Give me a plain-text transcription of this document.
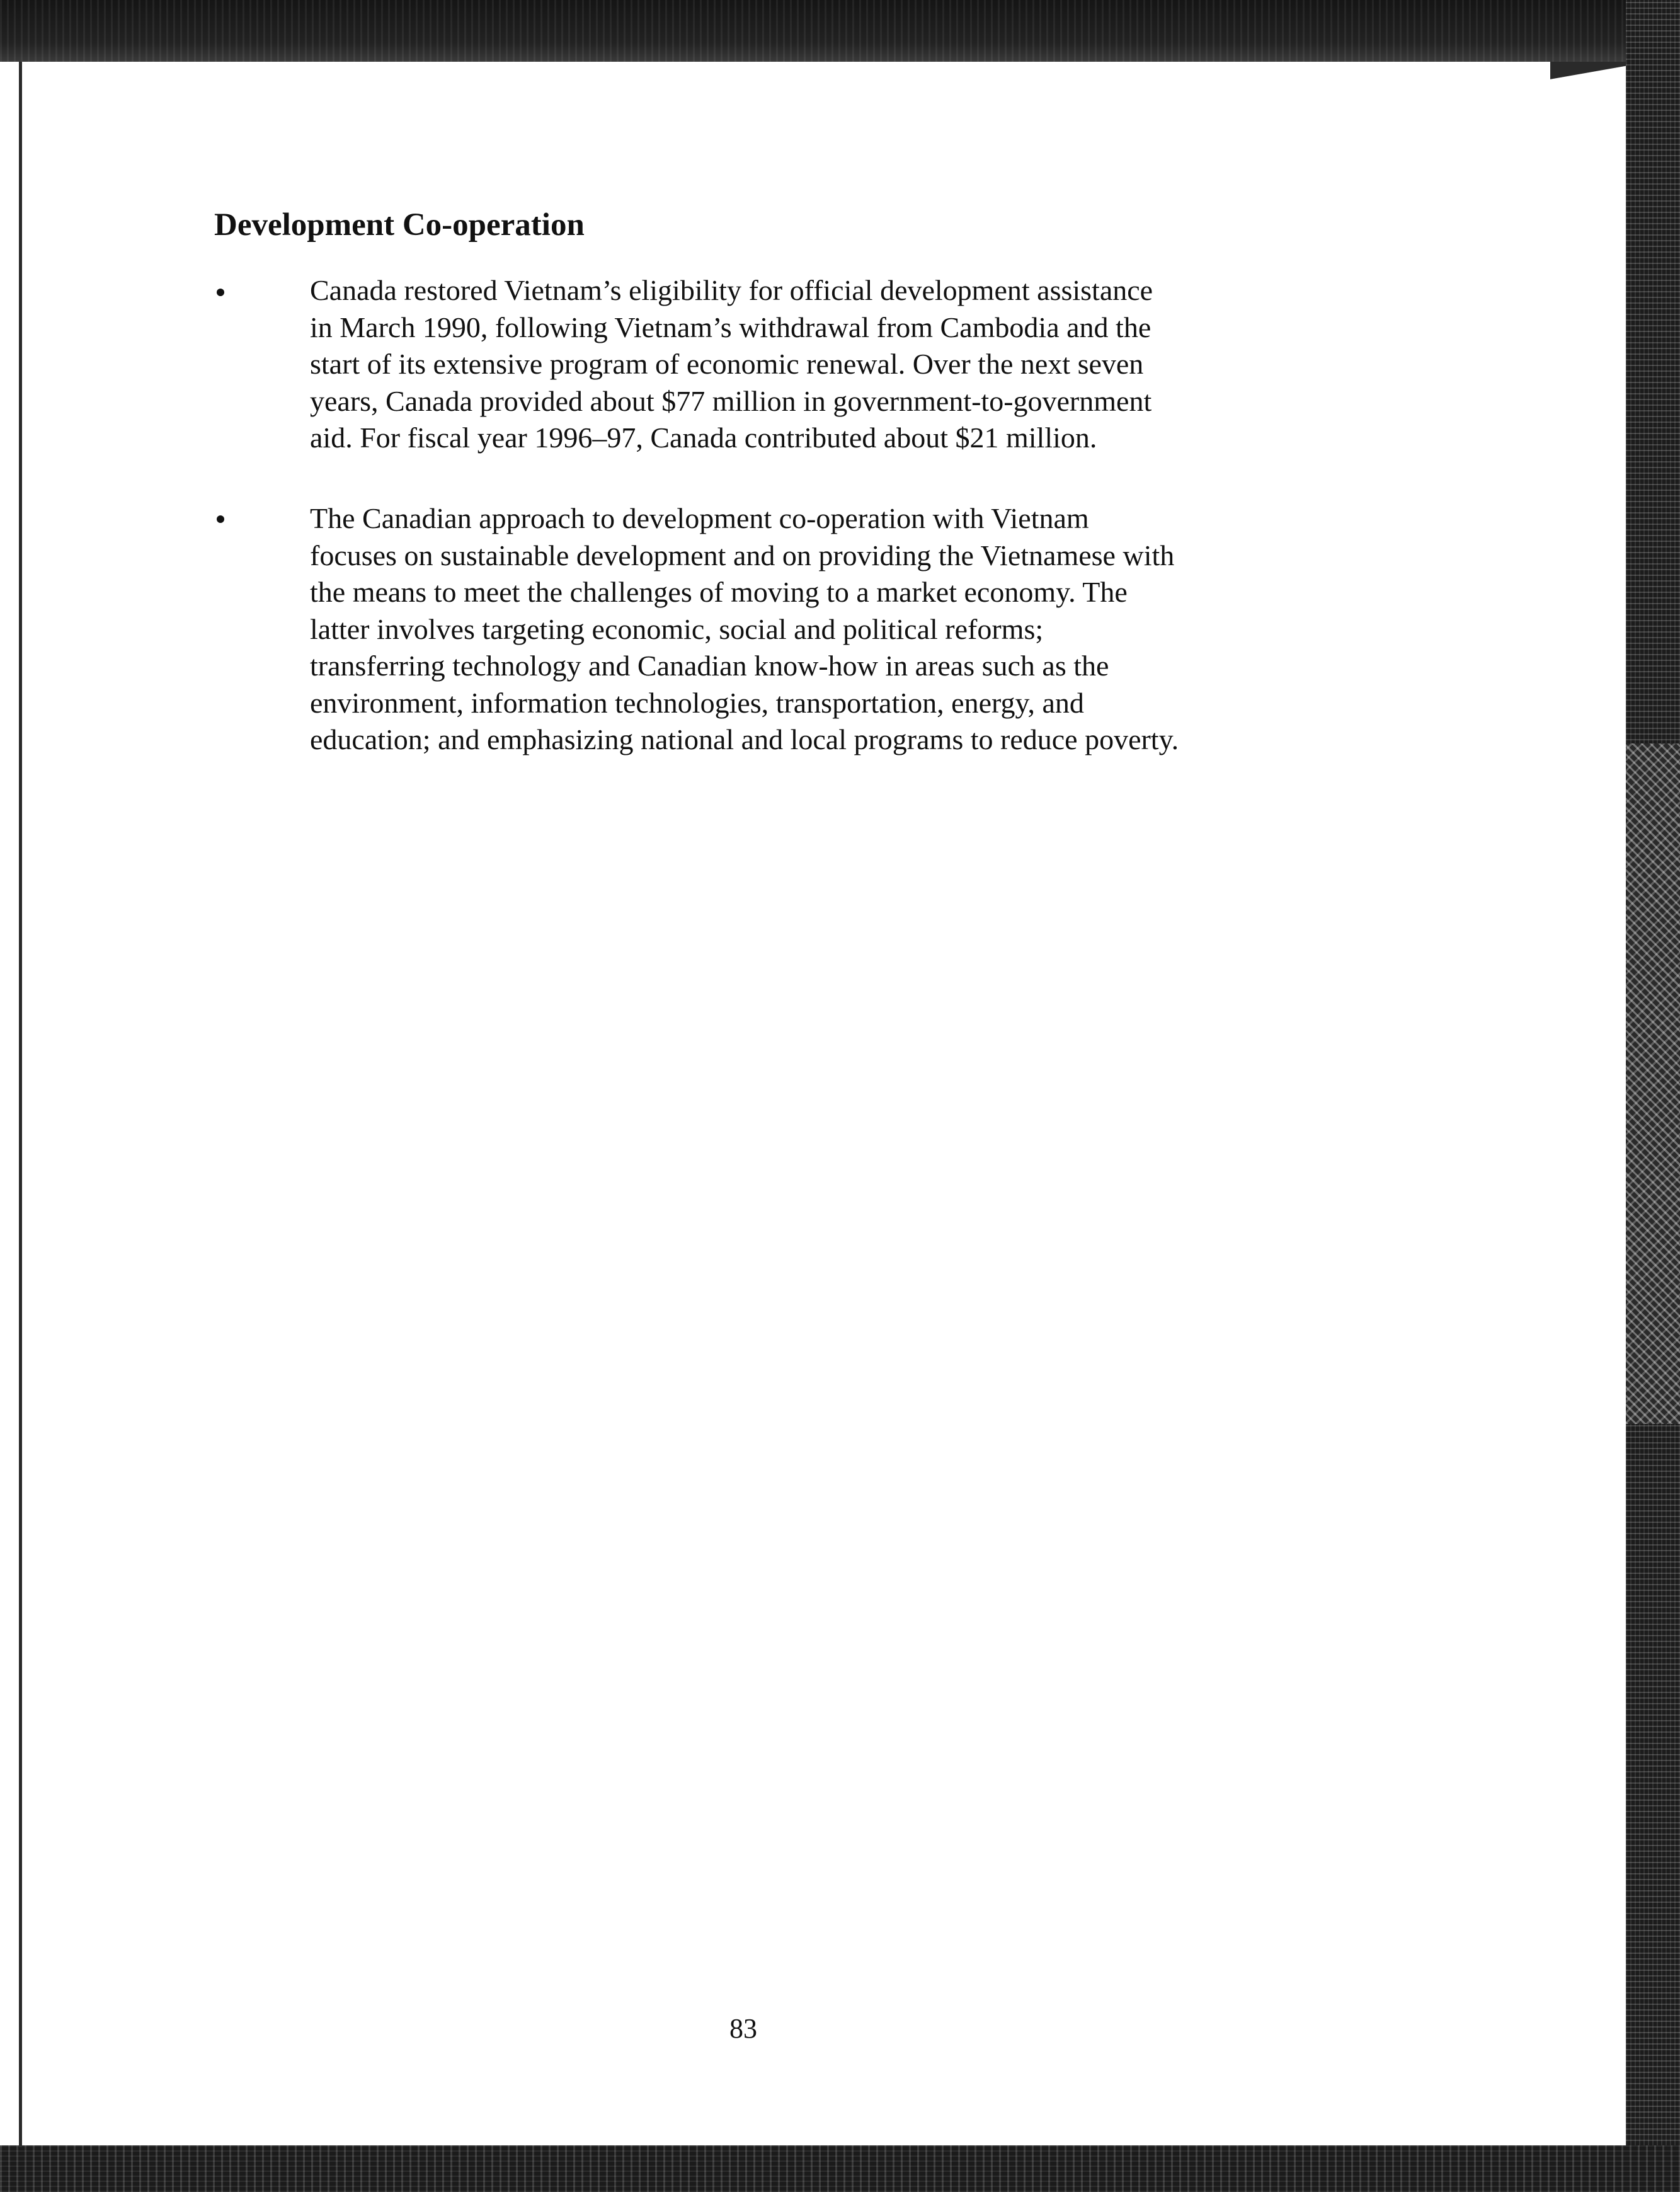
Development Co-operation

Canada restored Vietnam’s eligibility for official development assistance
in March 1990, following Vietnam’s withdrawal from Cambodia and the
start of its extensive program of economic renewal. Over the next seven
years, Canada provided about $77 million in government-to-government
aid. For fiscal year 1996–97, Canada contributed about $21 million.

The Canadian approach to development co-operation with Vietnam
focuses on sustainable development and on providing the Vietnamese with
the means to meet the challenges of moving to a market economy. The
latter involves targeting economic, social and political reforms;
transferring technology and Canadian know-how in areas such as the
environment, information technologies, transportation, energy, and
education; and emphasizing national and local programs to reduce poverty.

83
